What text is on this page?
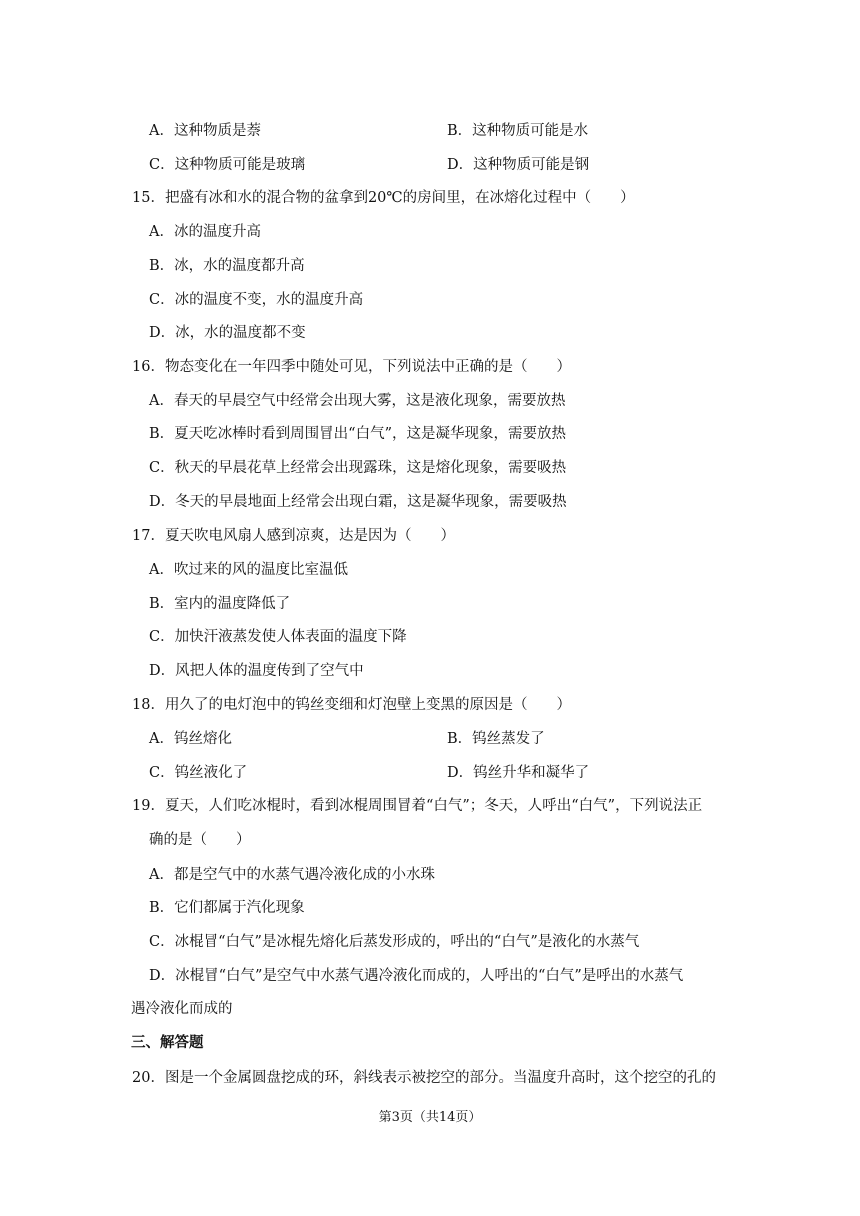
A．这种物质是萘	B．这种物质可能是水
C．这种物质可能是玻璃	D．这种物质可能是钢
15．把盛有冰和水的混合物的盆拿到20℃的房间里，在冰熔化过程中（　　）
A．冰的温度升高
B．冰，水的温度都升高
C．冰的温度不变，水的温度升高
D．冰，水的温度都不变
16．物态变化在一年四季中随处可见，下列说法中正确的是（　　）
A．春天的早晨空气中经常会出现大雾，这是液化现象，需要放热
B．夏天吃冰棒时看到周围冒出“白气”，这是凝华现象，需要放热
C．秋天的早晨花草上经常会出现露珠，这是熔化现象，需要吸热
D．冬天的早晨地面上经常会出现白霜，这是凝华现象，需要吸热
17．夏天吹电风扇人感到凉爽，达是因为（　　）
A．吹过来的风的温度比室温低
B．室内的温度降低了
C．加快汗液蒸发使人体表面的温度下降
D．风把人体的温度传到了空气中
18．用久了的电灯泡中的钨丝变细和灯泡壁上变黑的原因是（　　）
A．钨丝熔化	B．钨丝蒸发了
C．钨丝液化了	D．钨丝升华和凝华了
19．夏天，人们吃冰棍时，看到冰棍周围冒着“白气”；冬天，人呼出“白气”，下列说法正
确的是（　　）
A．都是空气中的水蒸气遇冷液化成的小水珠
B．它们都属于汽化现象
C．冰棍冒“白气”是冰棍先熔化后蒸发形成的，呼出的“白气”是液化的水蒸气
D．冰棍冒“白气”是空气中水蒸气遇冷液化而成的，人呼出的“白气”是呼出的水蒸气
遇冷液化而成的
三、解答题
20．图是一个金属圆盘挖成的环，斜线表示被挖空的部分。当温度升高时，这个挖空的孔的
第3页（共14页）
